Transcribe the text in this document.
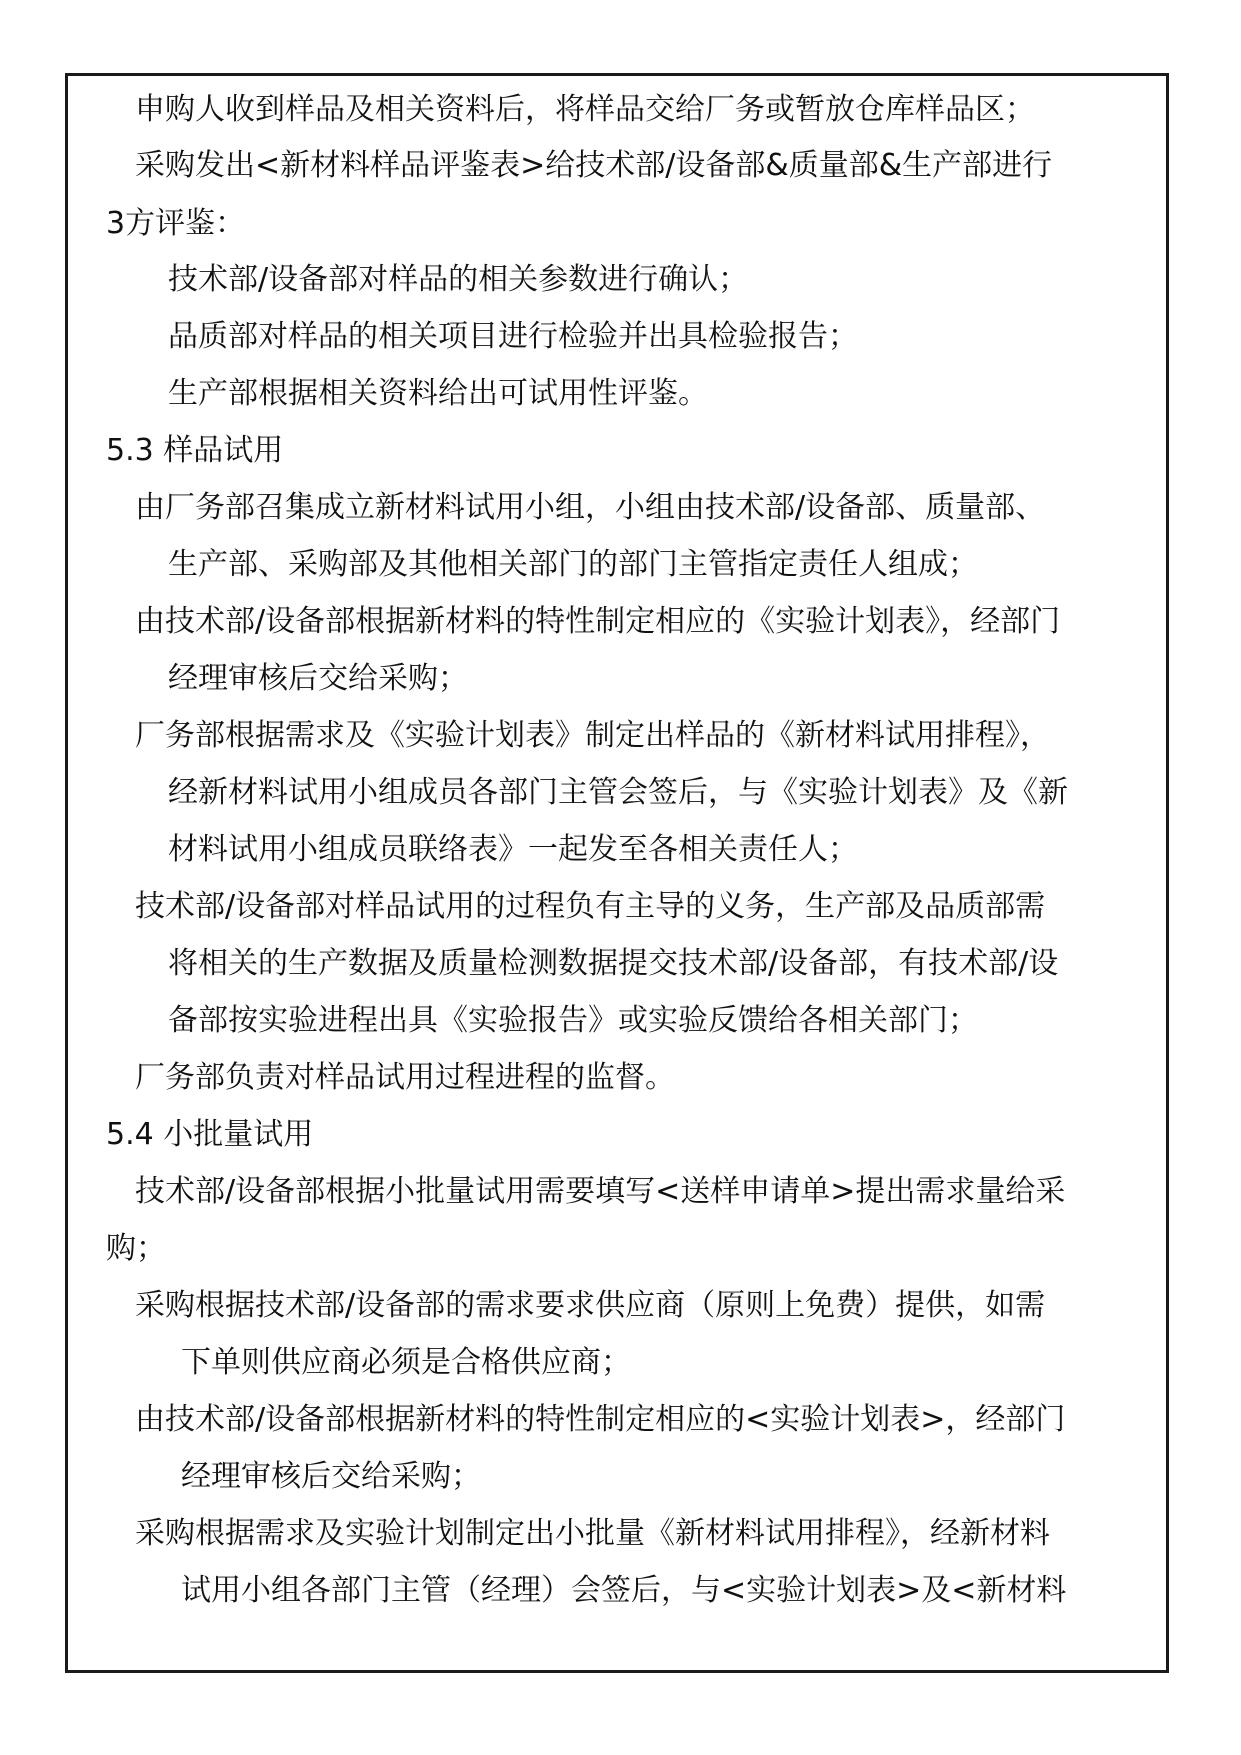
申购人收到样品及相关资料后，将样品交给厂务或暂放仓库样品区；
采购发出<新材料样品评鉴表>给技术部/设备部&质量部&生产部进行
3方评鉴：
技术部/设备部对样品的相关参数进行确认；
品质部对样品的相关项目进行检验并出具检验报告；
生产部根据相关资料给出可试用性评鉴。
5.3 样品试用
由厂务部召集成立新材料试用小组，小组由技术部/设备部、质量部、
生产部、采购部及其他相关部门的部门主管指定责任人组成；
由技术部/设备部根据新材料的特性制定相应的《实验计划表》，经部门
经理审核后交给采购；
厂务部根据需求及《实验计划表》制定出样品的《新材料试用排程》，
经新材料试用小组成员各部门主管会签后，与《实验计划表》及《新
材料试用小组成员联络表》一起发至各相关责任人；
技术部/设备部对样品试用的过程负有主导的义务，生产部及品质部需
将相关的生产数据及质量检测数据提交技术部/设备部，有技术部/设
备部按实验进程出具《实验报告》或实验反馈给各相关部门；
厂务部负责对样品试用过程进程的监督。
5.4 小批量试用
技术部/设备部根据小批量试用需要填写<送样申请单>提出需求量给采
购；
采购根据技术部/设备部的需求要求供应商（原则上免费）提供，如需
下单则供应商必须是合格供应商；
由技术部/设备部根据新材料的特性制定相应的<实验计划表>，经部门
经理审核后交给采购；
采购根据需求及实验计划制定出小批量《新材料试用排程》，经新材料
试用小组各部门主管（经理）会签后，与<实验计划表>及<新材料
